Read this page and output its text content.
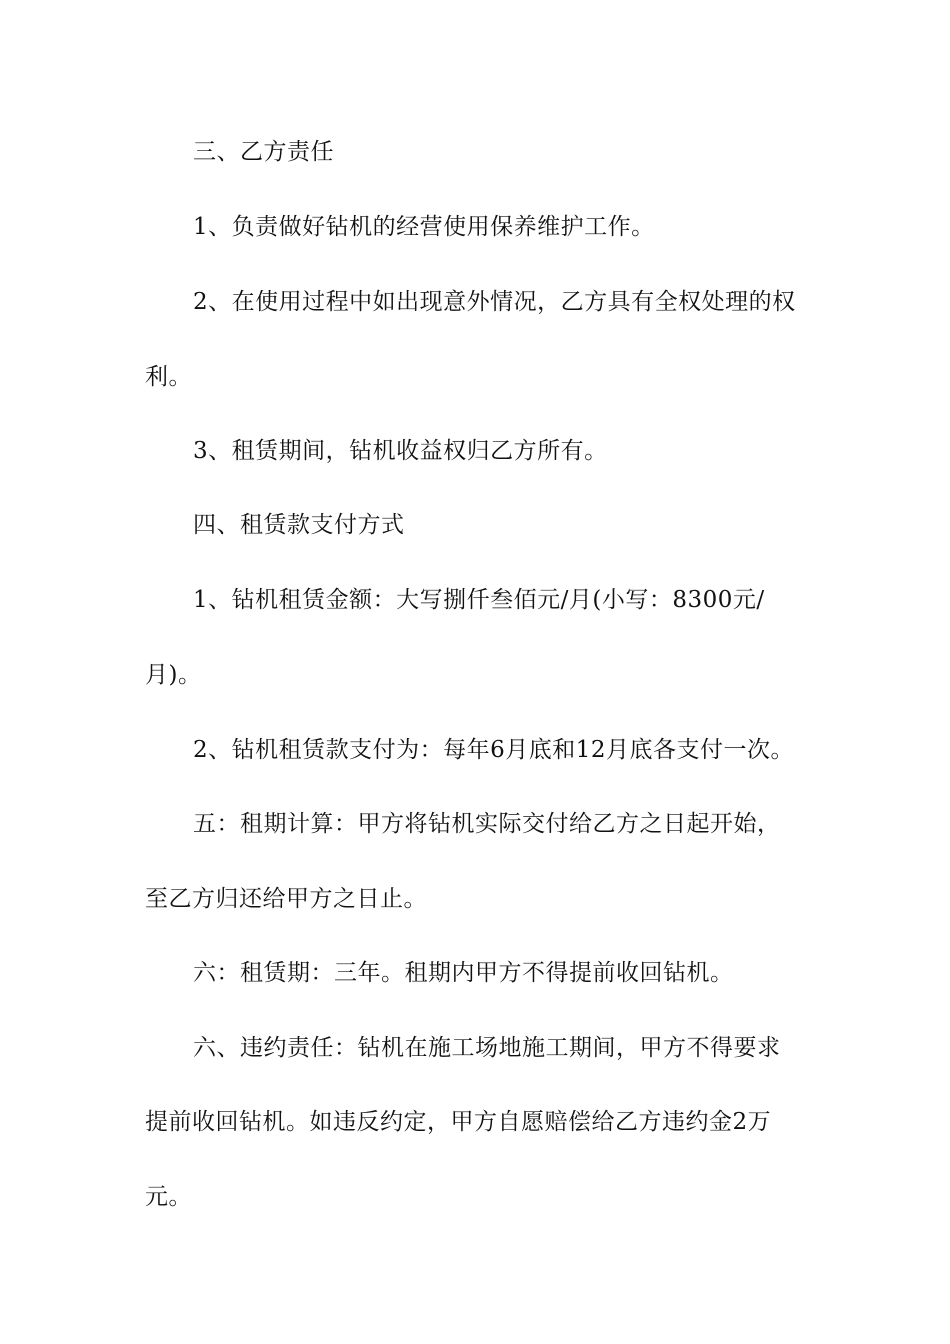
三、乙方责任

1、负责做好钻机的经营使用保养维护工作。

2、在使用过程中如出现意外情况，乙方具有全权处理的权

利。

3、租赁期间，钻机收益权归乙方所有。

四、租赁款支付方式

1、钻机租赁金额：大写捌仟叁佰元/月(小写：8300元/

月)。

2、钻机租赁款支付为：每年6月底和12月底各支付一次。

五：租期计算：甲方将钻机实际交付给乙方之日起开始，

至乙方归还给甲方之日止。

六：租赁期：三年。租期内甲方不得提前收回钻机。

六、违约责任：钻机在施工场地施工期间，甲方不得要求

提前收回钻机。如违反约定，甲方自愿赔偿给乙方违约金2万

元。
